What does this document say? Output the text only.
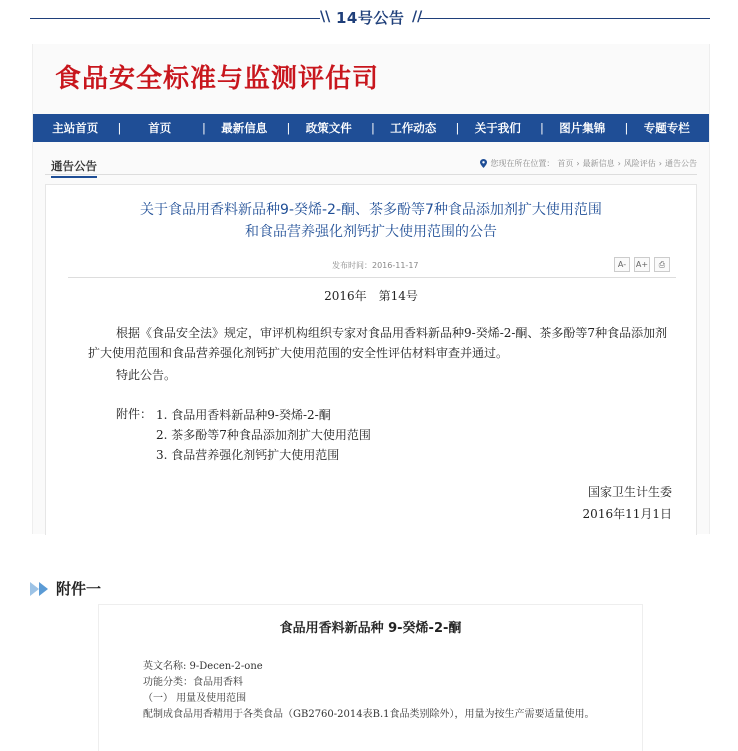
\\ 14号公告 //
食品安全标准与监测评估司
主站首页	| 首页	| 最新信息	| 政策文件	| 工作动态	| 关于我们	| 图片集锦	| 专题专栏
通告公告	您现在所在位置： 首页 › 最新信息 › 风险评估 › 通告公告
关于食品用香料新品种9-癸烯-2-酮、茶多酚等7种食品添加剂扩大使用范围
和食品营养强化剂钙扩大使用范围的公告
发布时间：2016-11-17	A-	A+	⎙
2016年　第14号
根据《食品安全法》规定，审评机构组织专家对食品用香料新品种9-癸烯-2-酮、茶多酚等7种食品添加剂扩大使用范围和食品营养强化剂钙扩大使用范围的安全性评估材料审查并通过。
特此公告。
附件： 1. 食品用香料新品种9-癸烯-2-酮
2. 茶多酚等7种食品添加剂扩大使用范围
3. 食品营养强化剂钙扩大使用范围
国家卫生计生委
2016年11月1日
附件一
食品用香料新品种 9-癸烯-2-酮
英文名称: 9-Decen-2-one
功能分类：食品用香料
（一） 用量及使用范围
配制成食品用香精用于各类食品（GB2760-2014表B.1食品类别除外），用量为按生产需要适量使用。
